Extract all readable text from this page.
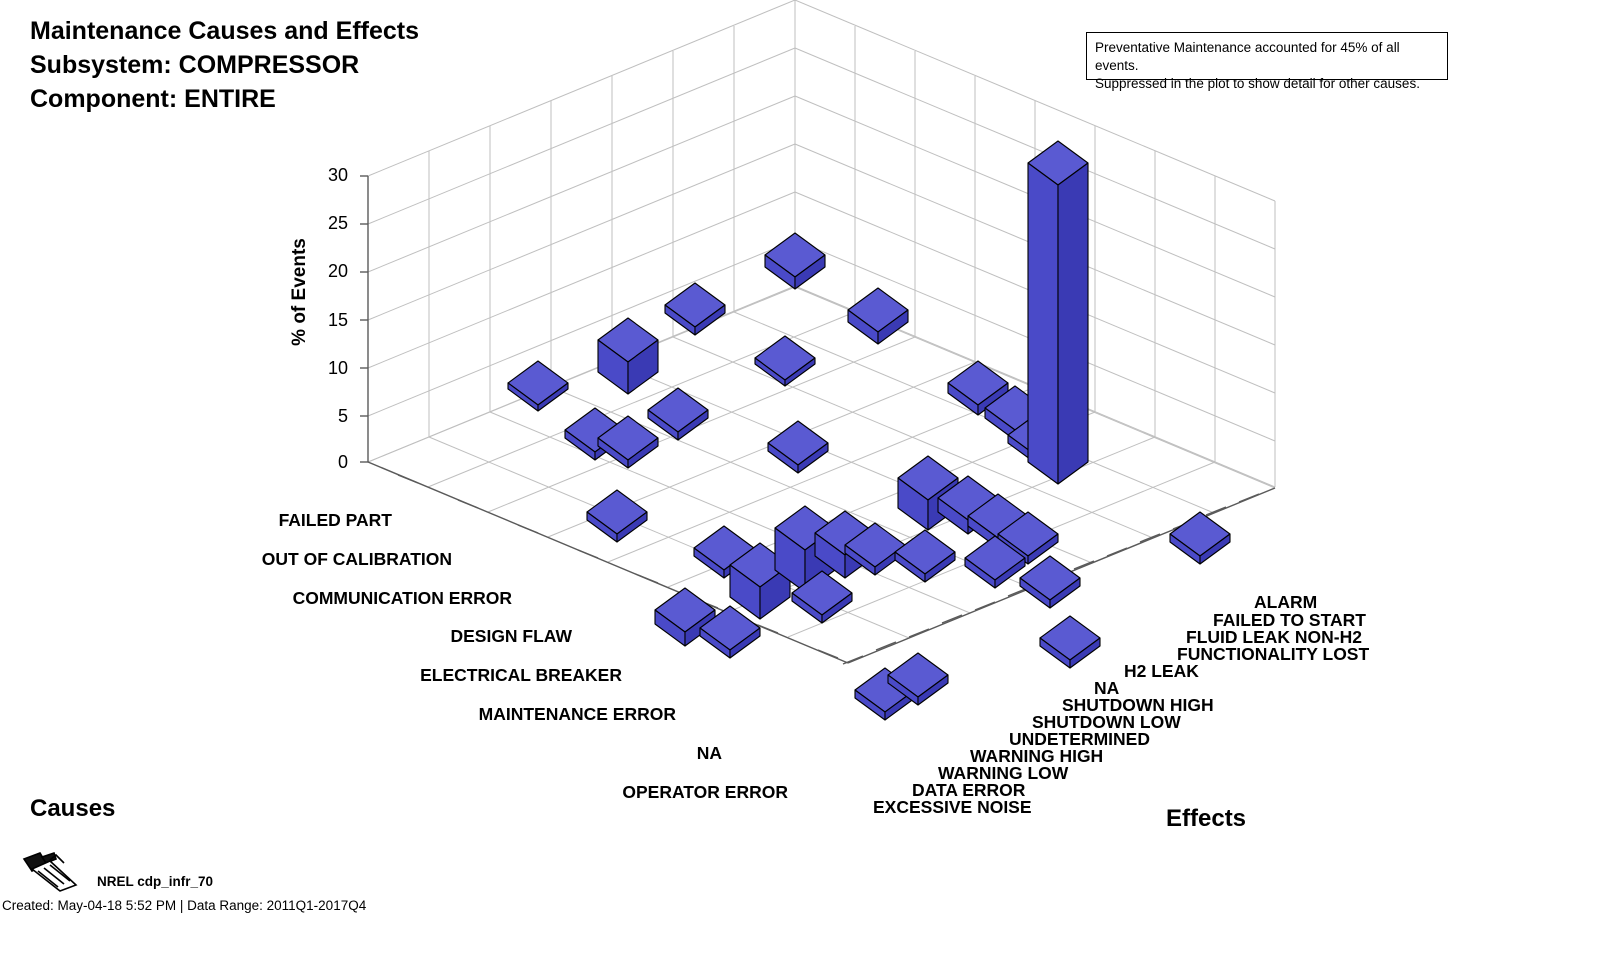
Maintenance Causes and Effects
Subsystem: COMPRESSOR
Component: ENTIRE
Preventative Maintenance accounted for 45% of all events.
Suppressed in the plot to show detail for other causes.
% of Events
30
25
20
15
10
5
0
FAILED PART
OUT OF CALIBRATION
COMMUNICATION ERROR
DESIGN FLAW
ELECTRICAL BREAKER
MAINTENANCE ERROR
NA
OPERATOR ERROR
ALARM
FAILED TO START
FLUID LEAK NON-H2
FUNCTIONALITY LOST
H2 LEAK
NA
SHUTDOWN HIGH
SHUTDOWN LOW
UNDETERMINED
WARNING HIGH
WARNING LOW
DATA ERROR
EXCESSIVE NOISE
Causes	Effects
NREL cdp_infr_70
Created: May-04-18 5:52 PM | Data Range: 2011Q1-2017Q4
